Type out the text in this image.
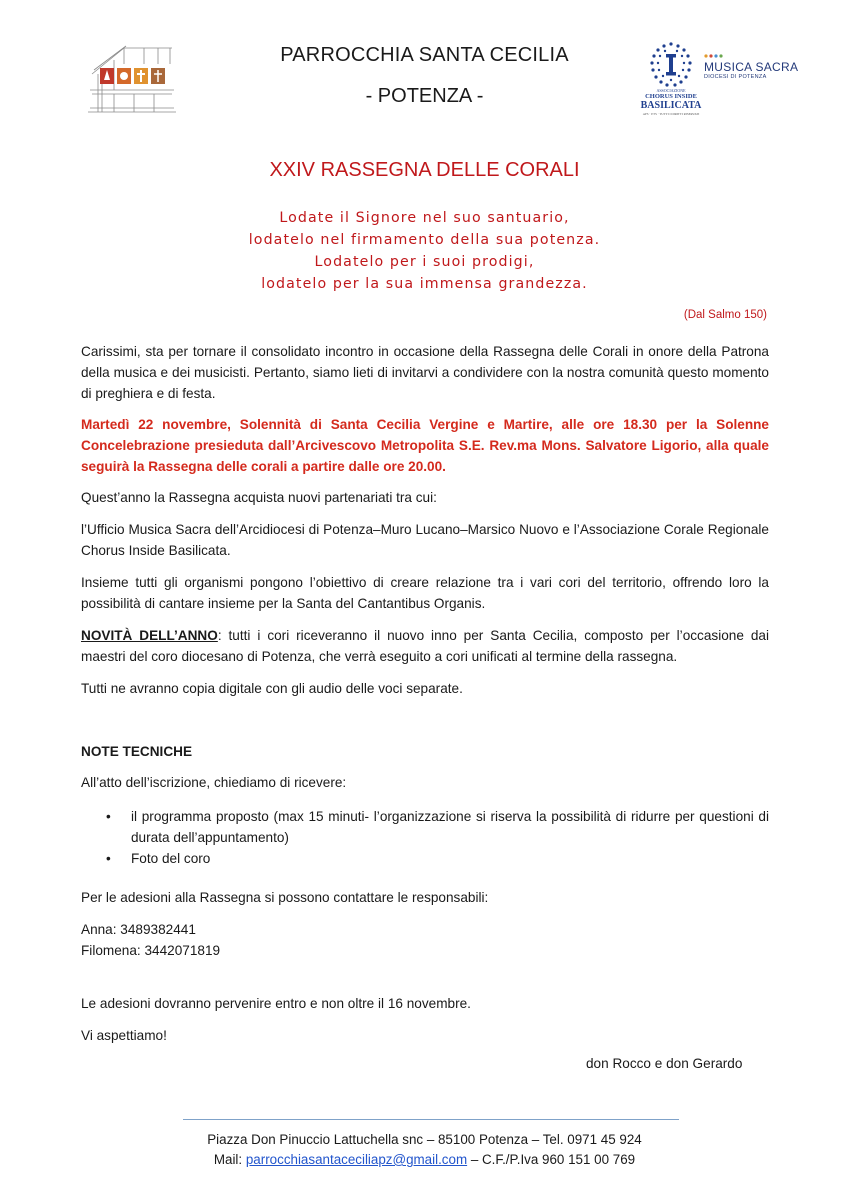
PARROCCHIA SANTA CECILIA
- POTENZA -	ASSOCIAZIONE
CHORUS INSIDE
BASILICATA
APS · ETS · TUTTI I DIRITTI RISERVATI
MUSICA SACRA
DIOCESI DI POTENZA
XXIV RASSEGNA DELLE CORALI
Lodate il Signore nel suo santuario,
lodatelo nel firmamento della sua potenza.
Lodatelo per i suoi prodigi,
lodatelo per la sua immensa grandezza.
(Dal Salmo 150)
Carissimi, sta per tornare il consolidato incontro in occasione della Rassegna delle Corali in onore della Patrona della musica e dei musicisti. Pertanto, siamo lieti di invitarvi a condividere con la nostra comunità questo momento di preghiera e di festa.
Martedì 22 novembre, Solennità di Santa Cecilia Vergine e Martire, alle ore 18.30 per la Solenne Concelebrazione presieduta dall’Arcivescovo Metropolita S.E. Rev.ma Mons. Salvatore Ligorio, alla quale seguirà la Rassegna delle corali a partire dalle ore 20.00.
Quest’anno la Rassegna acquista nuovi partenariati tra cui:
l’Ufficio Musica Sacra dell’Arcidiocesi di Potenza–Muro Lucano–Marsico Nuovo e l’Associazione Corale Regionale Chorus Inside Basilicata.
Insieme tutti gli organismi pongono l’obiettivo di creare relazione tra i vari cori del territorio, offrendo loro la possibilità di cantare insieme per la Santa del Cantantibus Organis.
NOVITÀ DELL’ANNO: tutti i cori riceveranno il nuovo inno per Santa Cecilia, composto per l’occasione dai maestri del coro diocesano di Potenza, che verrà eseguito a cori unificati al termine della rassegna.
Tutti ne avranno copia digitale con gli audio delle voci separate.
NOTE TECNICHE
All’atto dell’iscrizione, chiediamo di ricevere:
• il programma proposto (max 15 minuti- l’organizzazione si riserva la possibilità di ridurre per questioni di durata dell’appuntamento)
• Foto del coro
Per le adesioni alla Rassegna si possono contattare le responsabili:
Anna: 3489382441
Filomena: 3442071819
Le adesioni dovranno pervenire entro e non oltre il 16 novembre.
Vi aspettiamo!
don Rocco e don Gerardo
Piazza Don Pinuccio Lattuchella snc – 85100 Potenza – Tel. 0971 45 924
Mail: parrocchiasantaceciliapz@gmail.com – C.F./P.Iva 960 151 00 769
